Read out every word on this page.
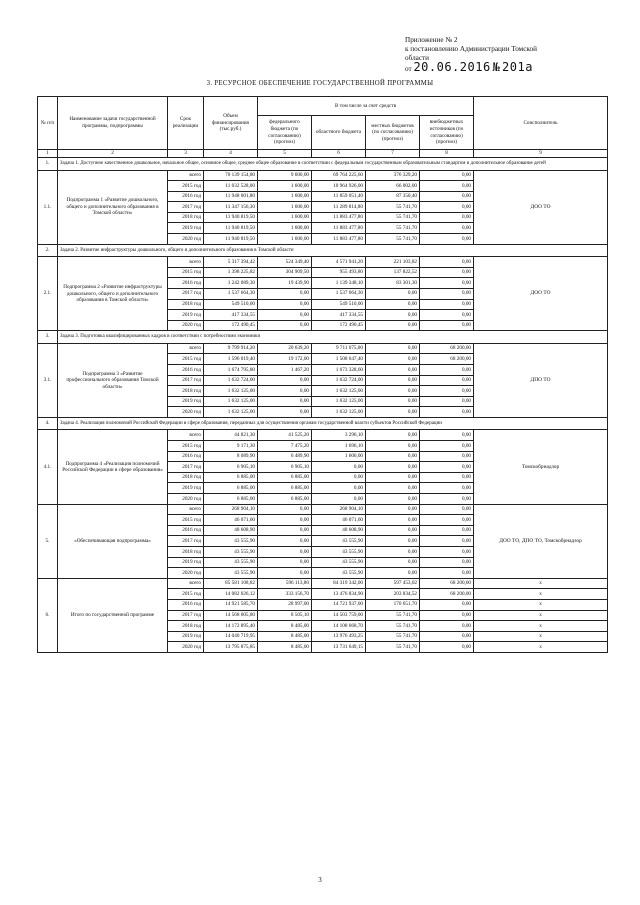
Приложение № 2
к постановлению Администрации Томской
области
от 20.06.2016 № 201а
3. РЕСУРСНОЕ ОБЕСПЕЧЕНИЕ ГОСУДАРСТВЕННОЙ ПРОГРАММЫ
№ п/п	Наименование задачи государственной программы, подпрограммы	Срок реализации	Объем финансирования (тыс.руб.)	В том числе за счет средств				Соисполнитель
				федерального бюджета (по согласованию) (прогноз)	областного бюджета	местных бюджетов (по согласованию) (прогноз)	внебюджетных источников (по согласованию) (прогноз)	
1	2	3	4	5	6	7	8	9
1.	Задача 1. Доступное качественное дошкольное, начальное общее, основное общее, среднее общее образование в соответствии с федеральным государственным образовательным стандартом и дополнительное образование детей							
1.1.	Подпрограмма 1 «Развитие дошкольного, общего и дополнительного образования в Томской области»	всего	70 139 154,80	9 600,00	69 764 225,60	376 329,20	0,00	ДОО ТО
		2015 год	11 032 528,00	1 600,00	10 964 926,00	66 002,00	0,00	
		2016 год	11 948 001,80	1 600,00	11 859 051,40	87 350,40	0,00	
		2017 год	11 347 156,30	1 600,00	11 289 814,80	55 741,70	0,00	
		2018 год	11 940 819,50	1 600,00	11 883 477,80	55 741,70	0,00	
		2019 год	11 940 819,50	1 600,00	11 883 477,80	55 741,70	0,00	
		2020 год	11 940 819,50	1 600,00	11 883 477,80	55 741,70	0,00	
2.	Задача 2. Развитие инфраструктуры дошкольного, общего и дополнительного образования в Томской области							
2.1.	Подпрограмма 2 «Развитие инфраструктуры дошкольного, общего и дополнительного образования в Томской области»	всего	5 317 394,42	524 349,40	4 571 941,20	221 103,82	0,00	ДОО ТО
		2015 год	1 398 225,82	304 909,50	955 493,80	137 822,52	0,00	
		2016 год	1 242 089,30	19 439,90	1 139 348,10	83 301,30	0,00	
		2017 год	1 537 664,30	0,00	1 537 664,30	0,00	0,00	
		2018 год	549 510,00	0,00	549 510,00	0,00	0,00	
		2019 год	417 334,55	0,00	417 334,55	0,00	0,00	
		2020 год	172 490,45	0,00	172 490,45	0,00	0,00	
3.	Задача 3. Подготовка квалифицированных кадров в соответствии с потребностями экономики							
3.1.	Подпрограмма 3 «Развитие профессионального образования Томской области»	всего	9 799 914,20	20 639,20	9 711 075,00	0,00	68 200,00	ДПО ТО
		2015 год	1 596 019,40	19 172,00	1 508 647,40	0,00	68 200,00	
		2016 год	1 674 795,80	1 467,20	1 673 328,60	0,00	0,00	
		2017 год	1 632 724,00	0,00	1 632 724,00	0,00	0,00	
		2018 год	1 632 125,00	0,00	1 632 125,00	0,00	0,00	
		2019 год	1 632 125,00	0,00	1 632 125,00	0,00	0,00	
		2020 год	1 632 125,00	0,00	1 632 125,00	0,00	0,00	
4.	Задача 4. Реализация полномочий Российской Федерации в сфере образования, переданных для осуществления органам государственной власти субъектов Российской Федерации							
4.1.	Подпрограмма 4 «Реализация полномочий Российской Федерации в сфере образования»	всего	44 821,30	41 525,20	3 296,10	0,00	0,00	Томскобрнадзор
		2015 год	9 171,30	7 475,20	1 696,10	0,00	0,00	
		2016 год	8 089,90	6 489,90	1 600,00	0,00	0,00	
		2017 год	6 905,10	6 905,10	0,00	0,00	0,00	
		2018 год	6 885,00	6 885,00	0,00	0,00	0,00	
		2019 год	6 885,00	6 885,00	0,00	0,00	0,00	
		2020 год	6 885,00	6 885,00	0,00	0,00	0,00	
5.	«Обеспечивающая подпрограмма»	всего	268 904,10	0,00	268 904,10	0,00	0,00	ДОО ТО, ДПО ТО, Томскобрнадзор
		2015 год	46 071,60	0,00	46 071,60	0,00	0,00	
		2016 год	48 608,90	0,00	48 608,90	0,00	0,00	
		2017 год	43 555,90	0,00	43 555,90	0,00	0,00	
		2018 год	43 555,90	0,00	43 555,90	0,00	0,00	
		2019 год	43 555,90	0,00	43 555,90	0,00	0,00	
		2020 год	43 555,90	0,00	43 555,90	0,00	0,00	
6.	Итого по государственной программе	всего	85 581 108,82	596 113,80	84 319 342,00	597 453,02	68 200,00	х
		2015 год	14 082 026,12	333 156,70	13 476 834,90	203 834,52	68 200,00	х
		2016 год	14 921 585,70	28 997,00	14 721 937,00	170 651,70	0,00	х
		2017 год	14 568 005,80	8 505,10	14 503 759,00	55 741,70	0,00	х
		2018 год	14 172 895,40	8 485,00	14 108 668,70	55 741,70	0,00	х
		2019 год	14 040 719,95	8 485,00	13 976 493,25	55 741,70	0,00	х
		2020 год	13 795 875,85	8 485,00	13 731 649,15	55 741,70	0,00	х
3
